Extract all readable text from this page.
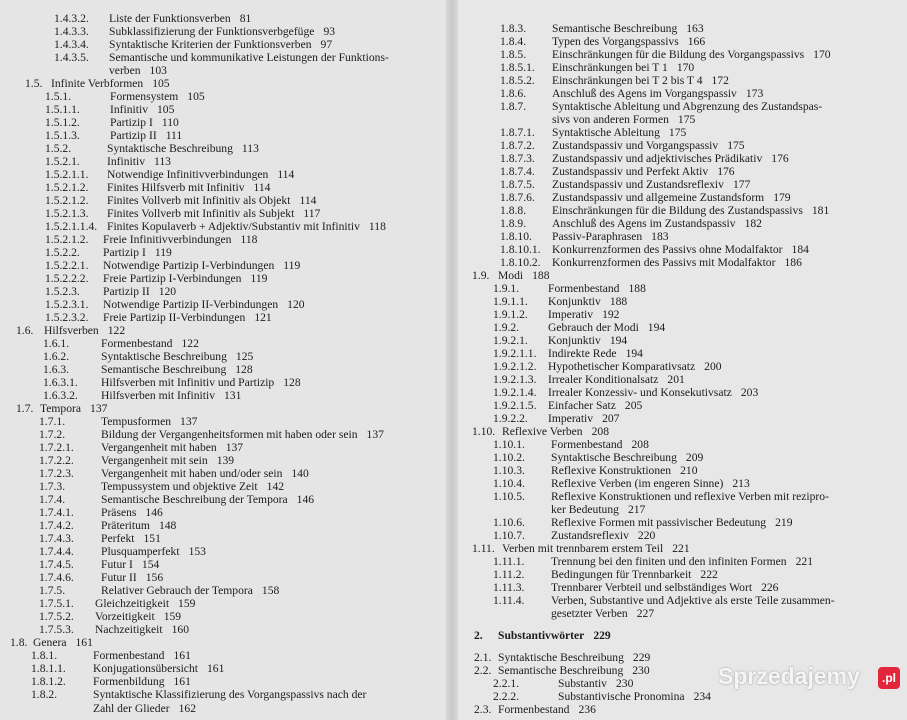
1.4.3.2. Liste der Funktionsverben 81
1.4.3.3. Subklassifizierung der Funktionsverbgefüge 93
1.4.3.4. Syntaktische Kriterien der Funktionsverben 97
1.4.3.5. Semantische und kommunikative Leistungen der Funktions-
verben 103
1.5. Infinite Verbformen 105
1.5.1.	Formensystem 105
1.5.1.1.	Infinitiv 105
1.5.1.2.	Partizip I 110
1.5.1.3.	Partizip II 111
1.5.2.	Syntaktische Beschreibung 113
1.5.2.1. Infinitiv 113
1.5.2.1.1. Notwendige Infinitivverbindungen 114
1.5.2.1.2. Finites Hilfsverb mit Infinitiv 114
1.5.2.1.2. Finites Vollverb mit Infinitiv als Objekt 114
1.5.2.1.3. Finites Vollverb mit Infinitiv als Subjekt 117
1.5.2.1.1.4. Finites Kopulaverb + Adjektiv/Substantiv mit Infinitiv 118
1.5.2.1.2. Freie Infinitivverbindungen 118
1.5.2.2. Partizip I 119
1.5.2.2.1. Notwendige Partizip I-Verbindungen 119
1.5.2.2.2. Freie Partizip I-Verbindungen 119
1.5.2.3. Partizip II 120
1.5.2.3.1. Notwendige Partizip II-Verbindungen 120
1.5.2.3.2. Freie Partizip II-Verbindungen 121
1.6. Hilfsverben 122
1.6.1.	Formenbestand 122
1.6.2.	Syntaktische Beschreibung 125
1.6.3.	Semantische Beschreibung 128
1.6.3.1. Hilfsverben mit Infinitiv und Partizip 128
1.6.3.2. Hilfsverben mit Infinitiv 131
1.7. Tempora 137
1.7.1.	Tempusformen 137
1.7.2.	Bildung der Vergangenheitsformen mit haben oder sein 137
1.7.2.1. Vergangenheit mit haben 137
1.7.2.2. Vergangenheit mit sein 139
1.7.2.3. Vergangenheit mit haben und/oder sein 140
1.7.3.	Tempussystem und objektive Zeit 142
1.7.4.	Semantische Beschreibung der Tempora 146
1.7.4.1. Präsens 146
1.7.4.2. Präteritum 148
1.7.4.3. Perfekt 151
1.7.4.4. Plusquamperfekt 153
1.7.4.5. Futur I 154
1.7.4.6. Futur II 156
1.7.5.	Relativer Gebrauch der Tempora 158
1.7.5.1. Gleichzeitigkeit 159
1.7.5.2. Vorzeitigkeit 159
1.7.5.3. Nachzeitigkeit 160
1.8. Genera 161
1.8.1.	Formenbestand 161
1.8.1.1. Konjugationsübersicht 161
1.8.1.2. Formenbildung 161
1.8.2.	Syntaktische Klassifizierung des Vorgangspassivs nach der
Zahl der Glieder 162
1.8.3. Semantische Beschreibung 163
1.8.4. Typen des Vorgangspassivs 166
1.8.5. Einschränkungen für die Bildung des Vorgangspassivs 170
1.8.5.1. Einschränkungen bei T 1 170
1.8.5.2. Einschränkungen bei T 2 bis T 4 172
1.8.6. Anschluß des Agens im Vorgangspassiv 173
1.8.7. Syntaktische Ableitung und Abgrenzung des Zustandspas-
sivs von anderen Formen 175
1.8.7.1. Syntaktische Ableitung 175
1.8.7.2. Zustandspassiv und Vorgangspassiv 175
1.8.7.3. Zustandspassiv und adjektivisches Prädikativ 176
1.8.7.4. Zustandspassiv und Perfekt Aktiv 176
1.8.7.5. Zustandspassiv und Zustandsreflexiv 177
1.8.7.6. Zustandspassiv und allgemeine Zustandsform 179
1.8.8. Einschränkungen für die Bildung des Zustandspassivs 181
1.8.9. Anschluß des Agens im Zustandspassiv 182
1.8.10. Passiv-Paraphrasen 183
1.8.10.1. Konkurrenzformen des Passivs ohne Modalfaktor 184
1.8.10.2. Konkurrenzformen des Passivs mit Modalfaktor 186
1.9. Modi 188
1.9.1. Formenbestand 188
1.9.1.1. Konjunktiv 188
1.9.1.2. Imperativ 192
1.9.2. Gebrauch der Modi 194
1.9.2.1. Konjunktiv 194
1.9.2.1.1. Indirekte Rede 194
1.9.2.1.2. Hypothetischer Komparativsatz 200
1.9.2.1.3. Irrealer Konditionalsatz 201
1.9.2.1.4. Irrealer Konzessiv- und Konsekutivsatz 203
1.9.2.1.5. Einfacher Satz 205
1.9.2.2. Imperativ 207
1.10. Reflexive Verben 208
1.10.1. Formenbestand 208
1.10.2. Syntaktische Beschreibung 209
1.10.3. Reflexive Konstruktionen 210
1.10.4. Reflexive Verben (im engeren Sinne) 213
1.10.5. Reflexive Konstruktionen und reflexive Verben mit rezipro-
ker Bedeutung 217
1.10.6. Reflexive Formen mit passivischer Bedeutung 219
1.10.7. Zustandsreflexiv 220
1.11. Verben mit trennbarem erstem Teil 221
1.11.1. Trennung bei den finiten und den infiniten Formen 221
1.11.2. Bedingungen für Trennbarkeit 222
1.11.3. Trennbarer Verbteil und selbständiges Wort 226
1.11.4. Verben, Substantive und Adjektive als erste Teile zusammen-
gesetzter Verben 227
2. Substantivwörter 229
2.1. Syntaktische Beschreibung 229
2.2. Semantische Beschreibung 230
2.2.1.	Substantiv 230
2.2.2.	Substantivische Pronomina 234
2.3. Formenbestand 236
Sprzedajemy	.pl
